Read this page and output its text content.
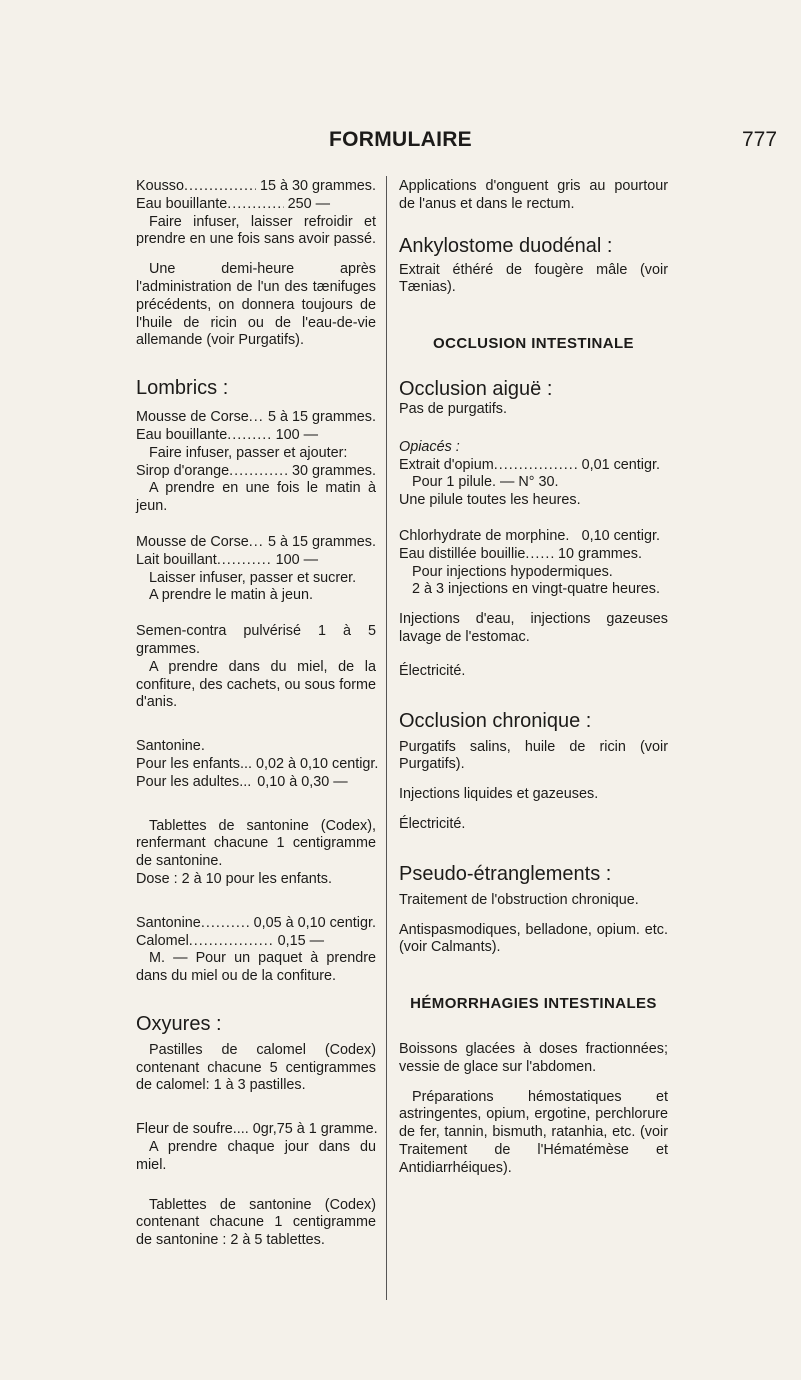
FORMULAIRE	777
Kousso .....	15 à 30 grammes.
Eau bouillante .....	250 —

Faire infuser, laisser refroidir et prendre en une fois sans avoir passé.

Une demi-heure après l'administration de l'un des tænifuges précédents, on donnera toujours de l'huile de ricin ou de l'eau-de-vie allemande (voir Purgatifs).

Lombrics :

Mousse de Corse ..... 5 à 15 grammes.
Eau bouillante .....	100 —

Faire infuser, passer et ajouter:

Sirop d'orange .....	30 grammes.

A prendre en une fois le matin à jeun.

Mousse de Corse ..... 5 à 15 grammes.
Lait bouillant .....	100 —

Laisser infuser, passer et sucrer.

A prendre le matin à jeun.

Semen-contra pulvérisé 1 à 5 grammes.

A prendre dans du miel, de la confiture, des cachets, ou sous forme d'anis.

Santonine.

Pour les enfants... 0,02 à 0,10 centigr.
Pour les adultes... 0,10 à 0,30 —

Tablettes de santonine (Codex), renfermant chacune 1 centigramme de santonine.

Dose : 2 à 10 pour les enfants.

Santonine .....	0,05 à 0,10 centigr.
Calomel .....	0,15 —

M. — Pour un paquet à prendre dans du miel ou de la confiture.

Oxyures :

Pastilles de calomel (Codex) contenant chacune 5 centigrammes de calomel: 1 à 3 pastilles.

Fleur de soufre.... 0gr,75 à 1 gramme.

A prendre chaque jour dans du miel.

Tablettes de santonine (Codex) contenant chacune 1 centigramme de santonine : 2 à 5 tablettes.

Applications d'onguent gris au pourtour de l'anus et dans le rectum.

Ankylostome duodénal :

Extrait éthéré de fougère mâle (voir Tænias).

OCCLUSION INTESTINALE

Occlusion aiguë :

Pas de purgatifs.

Opiacés :

Extrait d'opium .....	0,01 centigr.

Pour 1 pilule. — N° 30.

Une pilule toutes les heures.

Chlorhydrate de morphine. 0,10 centigr.
Eau distillée bouillie ..... 10 grammes.

Pour injections hypodermiques.

2 à 3 injections en vingt-quatre heures.

Injections d'eau, injections gazeuses lavage de l'estomac.

Électricité.

Occlusion chronique :

Purgatifs salins, huile de ricin (voir Purgatifs).

Injections liquides et gazeuses.

Électricité.

Pseudo-étranglements :

Traitement de l'obstruction chronique.

Antispasmodiques, belladone, opium. etc. (voir Calmants).

HÉMORRHAGIES INTESTINALES

Boissons glacées à doses fractionnées; vessie de glace sur l'abdomen.

Préparations hémostatiques et astringentes, opium, ergotine, perchlorure de fer, tannin, bismuth, ratanhia, etc. (voir Traitement de l'Hématémèse et Antidiarrhéiques).
